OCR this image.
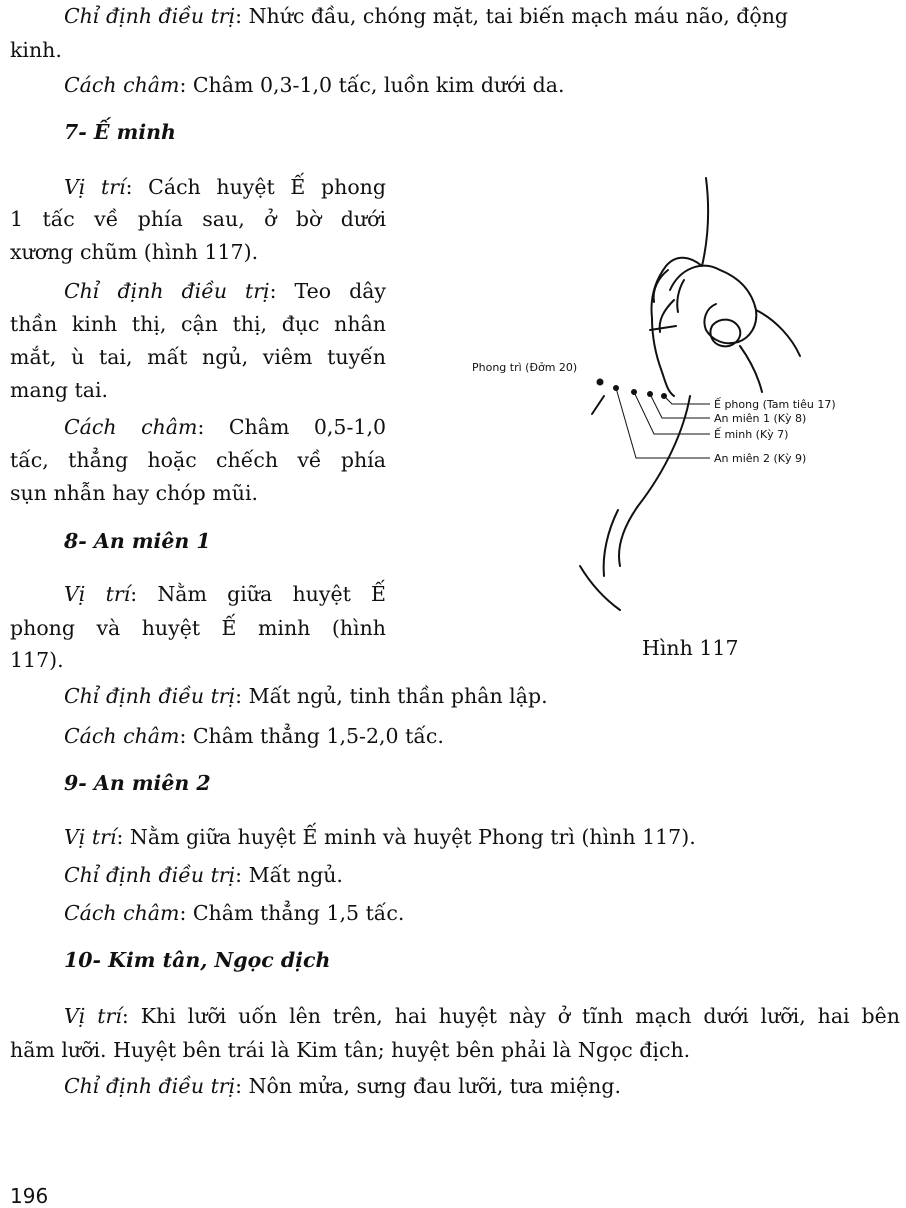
Chỉ định điều trị: Nhức đầu, chóng mặt, tai biến mạch máu não, động
kinh.
Cách châm: Châm 0,3-1,0 tấc, luồn kim dưới da.
7- Ế minh
Vị trí: Cách huyệt Ế phong
1 tấc về phía sau, ở bờ dưới
xương chũm (hình 117).
Chỉ định điều trị: Teo dây
thần kinh thị, cận thị, đục nhân
mắt, ù tai, mất ngủ, viêm tuyến
mang tai.
Cách châm: Châm 0,5-1,0
tấc, thẳng hoặc chếch về phía
sụn nhẫn hay chóp mũi.
8- An miên 1
Vị trí: Nằm giữa huyệt Ế
phong và huyệt Ế minh (hình
117).
Chỉ định điều trị: Mất ngủ, tinh thần phân lập.
Cách châm: Châm thẳng 1,5-2,0 tấc.
9- An miên 2
Vị trí: Nằm giữa huyệt Ế minh và huyệt Phong trì (hình 117).
Chỉ định điều trị: Mất ngủ.
Cách châm: Châm thẳng 1,5 tấc.
10- Kim tân, Ngọc dịch
Vị trí: Khi lưỡi uốn lên trên, hai huyệt này ở tĩnh mạch dưới lưỡi, hai bên
hãm lưỡi. Huyệt bên trái là Kim tân; huyệt bên phải là Ngọc địch.
Chỉ định điều trị: Nôn mửa, sưng đau lưỡi, tưa miệng.
Phong trì (Đởm 20)
Ế phong (Tam tiêu 17)
An miên 1 (Kỳ 8)
Ế minh (Kỳ 7)
An miên 2 (Kỳ 9)
Hình 117
196
